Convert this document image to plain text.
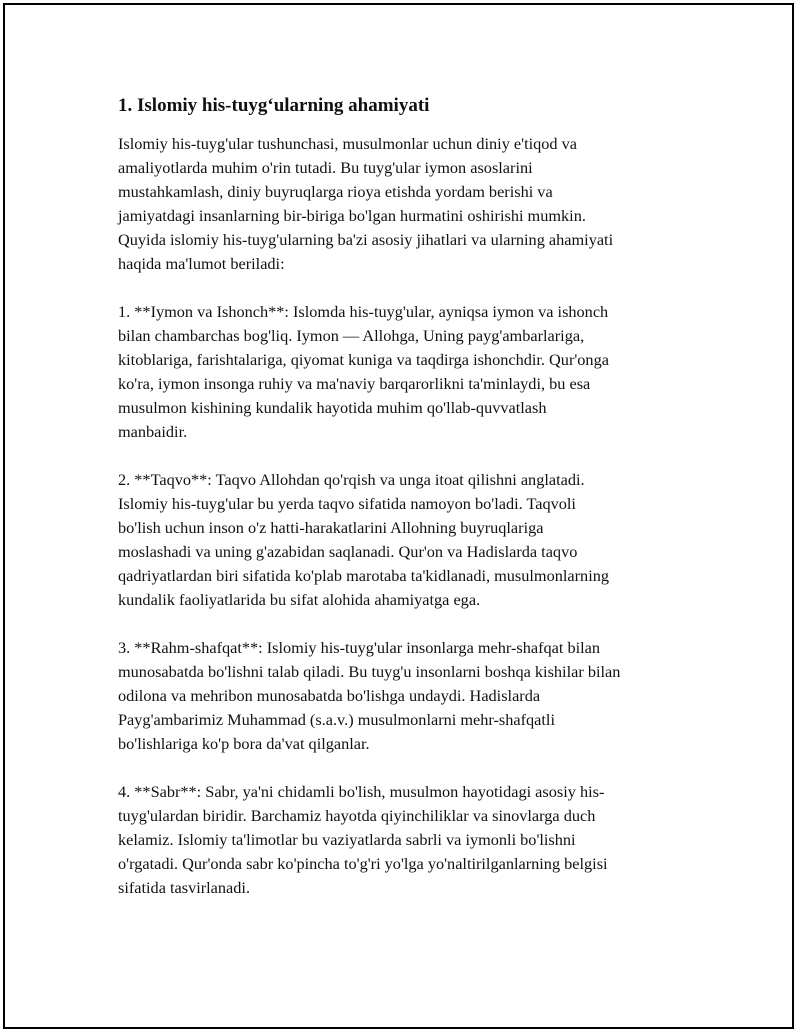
1. Islomiy his-tuyg‘ularning ahamiyati

Islomiy his-tuyg'ular tushunchasi, musulmonlar uchun diniy e'tiqod va
amaliyotlarda muhim o'rin tutadi. Bu tuyg'ular iymon asoslarini
mustahkamlash, diniy buyruqlarga rioya etishda yordam berishi va
jamiyatdagi insanlarning bir-biriga bo'lgan hurmatini oshirishi mumkin.
Quyida islomiy his-tuyg'ularning ba'zi asosiy jihatlari va ularning ahamiyati
haqida ma'lumot beriladi:

1. **Iymon va Ishonch**: Islomda his-tuyg'ular, ayniqsa iymon va ishonch
bilan chambarchas bog'liq. Iymon — Allohga, Uning payg'ambarlariga,
kitoblariga, farishtalariga, qiyomat kuniga va taqdirga ishonchdir. Qur'onga
ko'ra, iymon insonga ruhiy va ma'naviy barqarorlikni ta'minlaydi, bu esa
musulmon kishining kundalik hayotida muhim qo'llab-quvvatlash
manbaidir.

2. **Taqvo**: Taqvo Allohdan qo'rqish va unga itoat qilishni anglatadi.
Islomiy his-tuyg'ular bu yerda taqvo sifatida namoyon bo'ladi. Taqvoli
bo'lish uchun inson o'z hatti-harakatlarini Allohning buyruqlariga
moslashadi va uning g'azabidan saqlanadi. Qur'on va Hadislarda taqvo
qadriyatlardan biri sifatida ko'plab marotaba ta'kidlanadi, musulmonlarning
kundalik faoliyatlarida bu sifat alohida ahamiyatga ega.

3. **Rahm-shafqat**: Islomiy his-tuyg'ular insonlarga mehr-shafqat bilan
munosabatda bo'lishni talab qiladi. Bu tuyg'u insonlarni boshqa kishilar bilan
odilona va mehribon munosabatda bo'lishga undaydi. Hadislarda
Payg'ambarimiz Muhammad (s.a.v.) musulmonlarni mehr-shafqatli
bo'lishlariga ko'p bora da'vat qilganlar.

4. **Sabr**: Sabr, ya'ni chidamli bo'lish, musulmon hayotidagi asosiy his-
tuyg'ulardan biridir. Barchamiz hayotda qiyinchiliklar va sinovlarga duch
kelamiz. Islomiy ta'limotlar bu vaziyatlarda sabrli va iymonli bo'lishni
o'rgatadi. Qur'onda sabr ko'pincha to'g'ri yo'lga yo'naltirilganlarning belgisi
sifatida tasvirlanadi.
